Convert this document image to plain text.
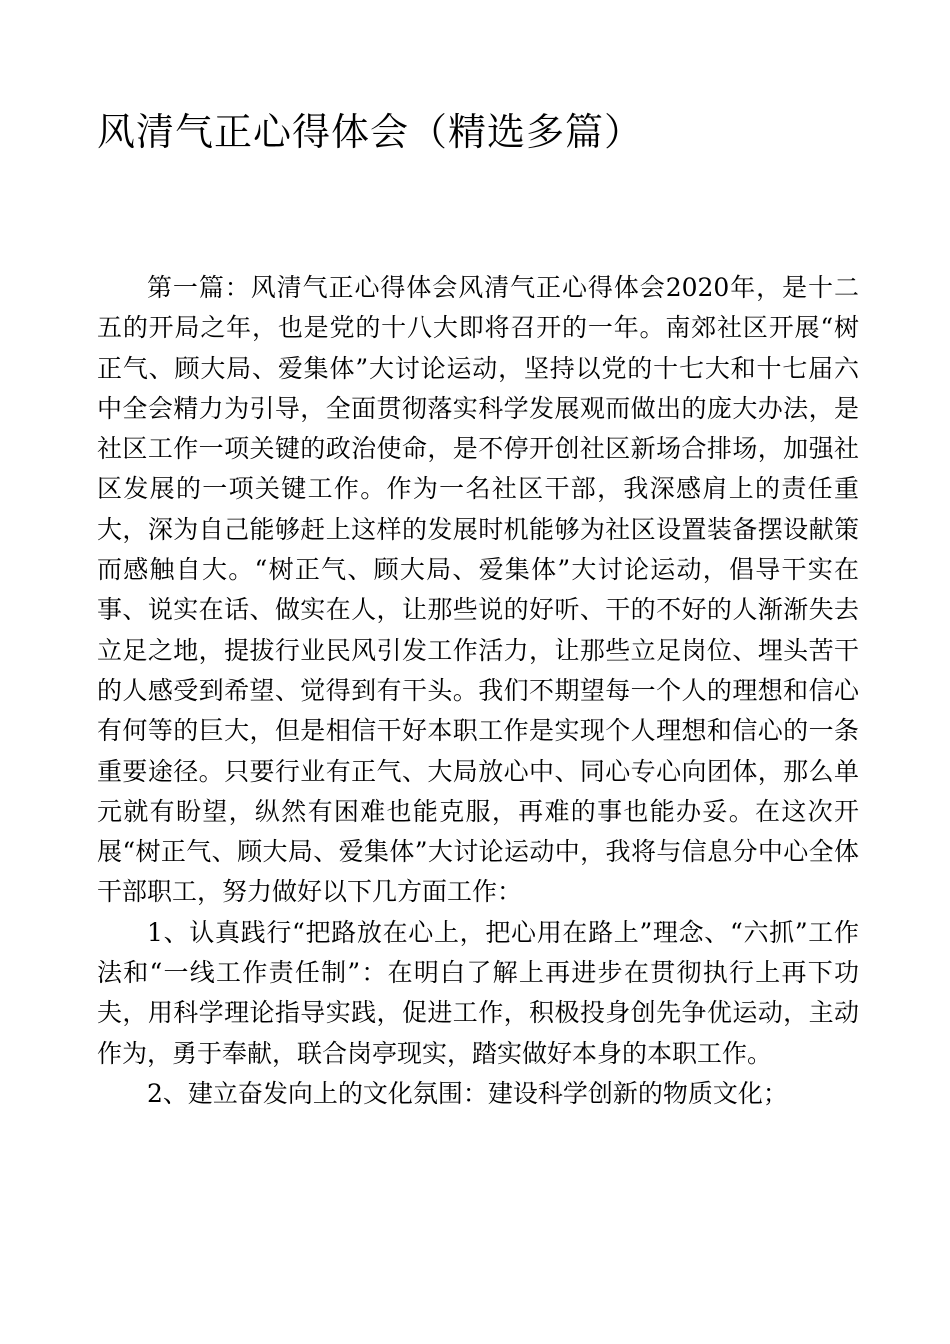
风清气正心得体会（精选多篇）

第一篇：风清气正心得体会风清气正心得体会2020年，是十二五的开局之年，也是党的十八大即将召开的一年。南郊社区开展“树正气、顾大局、爱集体”大讨论运动，坚持以党的十七大和十七届六中全会精力为引导，全面贯彻落实科学发展观而做出的庞大办法，是社区工作一项关键的政治使命，是不停开创社区新场合排场，加强社区发展的一项关键工作。作为一名社区干部，我深感肩上的责任重大，深为自己能够赶上这样的发展时机能够为社区设置装备摆设献策而感触自大。“树正气、顾大局、爱集体”大讨论运动，倡导干实在事、说实在话、做实在人，让那些说的好听、干的不好的人渐渐失去立足之地，提拔行业民风引发工作活力，让那些立足岗位、埋头苦干的人感受到希望、觉得到有干头。我们不期望每一个人的理想和信心有何等的巨大，但是相信干好本职工作是实现个人理想和信心的一条重要途径。只要行业有正气、大局放心中、同心专心向团体，那么单元就有盼望，纵然有困难也能克服，再难的事也能办妥。在这次开展“树正气、顾大局、爱集体”大讨论运动中，我将与信息分中心全体干部职工，努力做好以下几方面工作：

1、认真践行“把路放在心上，把心用在路上”理念、“六抓”工作法和“一线工作责任制”：在明白了解上再进步在贯彻执行上再下功夫，用科学理论指导实践，促进工作，积极投身创先争优运动，主动作为，勇于奉献，联合岗亭现实，踏实做好本身的本职工作。

2、建立奋发向上的文化氛围：建设科学创新的物质文化；
